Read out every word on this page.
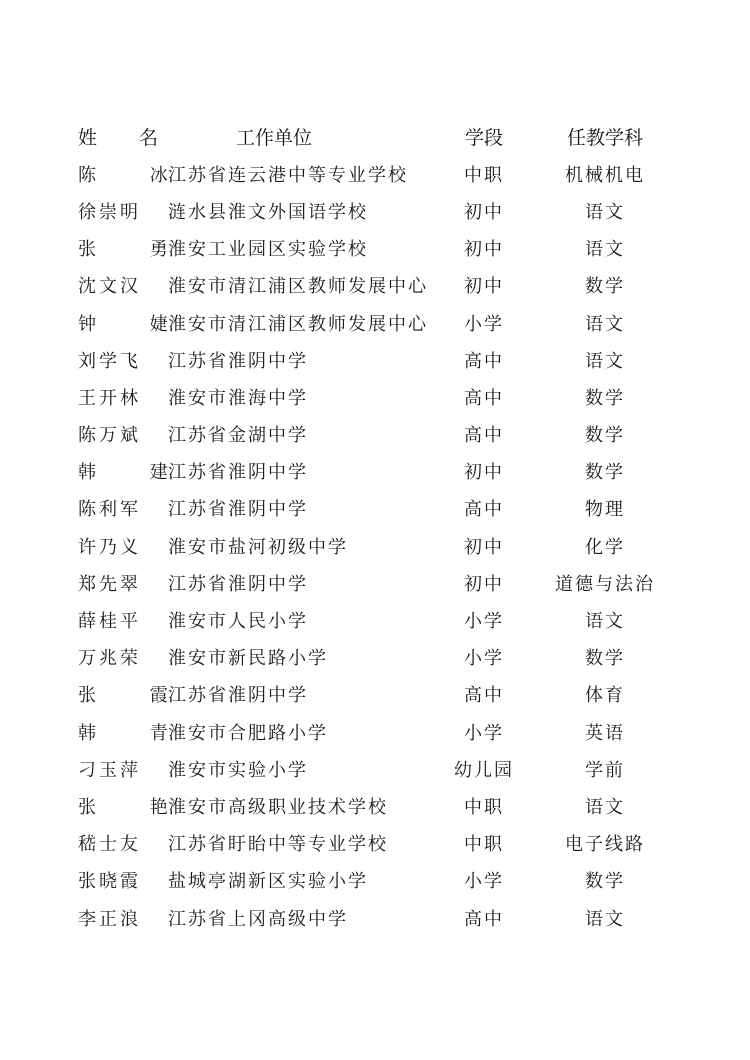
姓 名	工作单位	学段	任教学科
陈 冰	江苏省连云港中等专业学校	中职	机械机电
徐崇明	涟水县淮文外国语学校	初中	语文
张 勇	淮安工业园区实验学校	初中	语文
沈文汉	淮安市清江浦区教师发展中心	初中	数学
钟 婕	淮安市清江浦区教师发展中心	小学	语文
刘学飞	江苏省淮阴中学	高中	语文
王开林	淮安市淮海中学	高中	数学
陈万斌	江苏省金湖中学	高中	数学
韩 建	江苏省淮阴中学	初中	数学
陈利军	江苏省淮阴中学	高中	物理
许乃义	淮安市盐河初级中学	初中	化学
郑先翠	江苏省淮阴中学	初中	道德与法治
薛桂平	淮安市人民小学	小学	语文
万兆荣	淮安市新民路小学	小学	数学
张 霞	江苏省淮阴中学	高中	体育
韩 青	淮安市合肥路小学	小学	英语
刁玉萍	淮安市实验小学	幼儿园	学前
张 艳	淮安市高级职业技术学校	中职	语文
嵇士友	江苏省盱眙中等专业学校	中职	电子线路
张晓霞	盐城亭湖新区实验小学	小学	数学
李正浪	江苏省上冈高级中学	高中	语文
